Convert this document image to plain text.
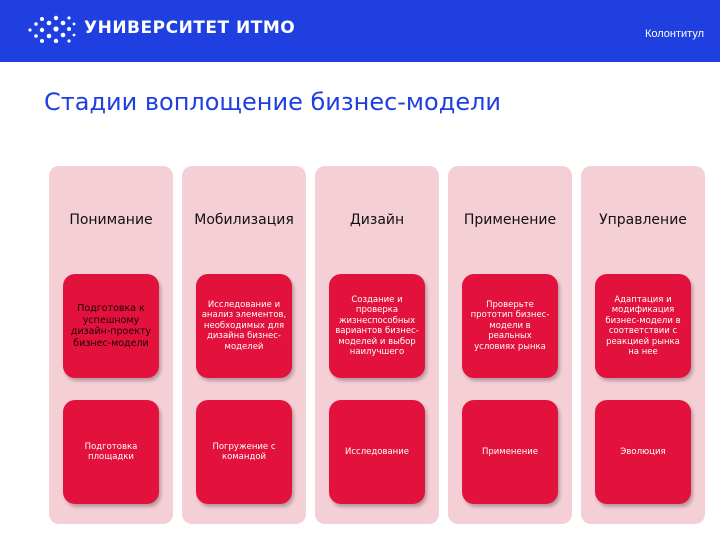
УНИВЕРСИТЕТ ИТМО	Колонтитул
Стадии воплощение бизнес-модели
Понимание
Подготовка к успешному дизайн-проекту бизнес-модели
Подготовка площадки
Мобилизация
Исследование и анализ элементов, необходимых для дизайна бизнес-моделей
Погружение с командой
Дизайн
Создание и проверка жизнеспособных вариантов бизнес-моделей и выбор наилучшего
Исследование
Применение
Проверьте прототип бизнес-модели в реальных условиях рынка
Применение
Управление
Адаптация и модификация бизнес-модели в соответствии с реакцией рынка на нее
Эволюция
